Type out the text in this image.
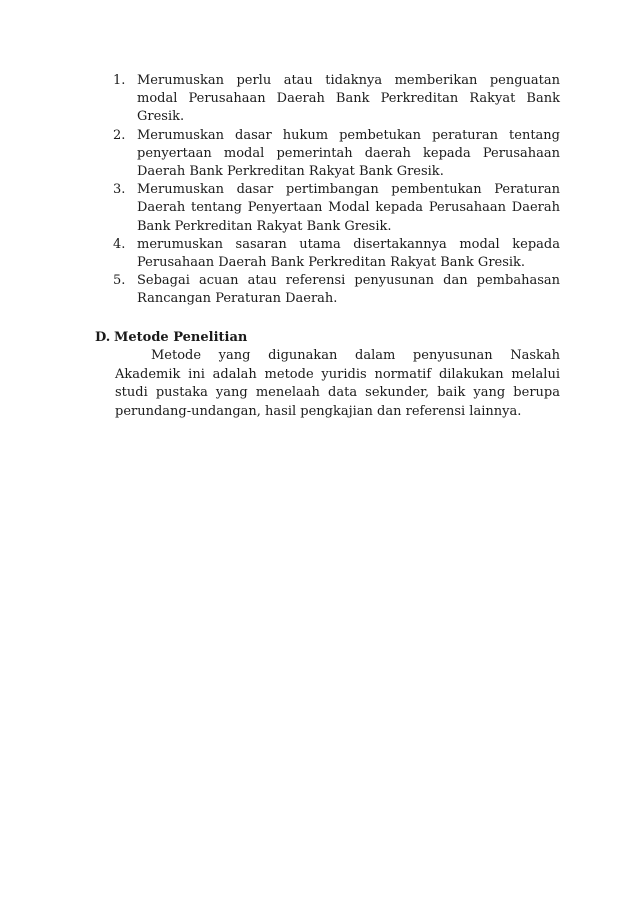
1. Merumuskan perlu atau tidaknya memberikan penguatan modal Perusahaan Daerah Bank Perkreditan Rakyat Bank Gresik.
2. Merumuskan dasar hukum pembetukan peraturan tentang penyertaan modal pemerintah daerah kepada Perusahaan Daerah Bank Perkreditan Rakyat Bank Gresik.
3. Merumuskan dasar pertimbangan pembentukan Peraturan Daerah tentang Penyertaan Modal kepada Perusahaan Daerah Bank Perkreditan Rakyat Bank Gresik.
4. merumuskan sasaran utama disertakannya modal kepada Perusahaan Daerah Bank Perkreditan Rakyat Bank Gresik.
5. Sebagai acuan atau referensi penyusunan dan pembahasan Rancangan Peraturan Daerah.
D. Metode Penelitian

Metode yang digunakan dalam penyusunan Naskah Akademik ini adalah metode yuridis normatif dilakukan melalui studi pustaka yang menelaah data sekunder, baik yang berupa perundang-undangan, hasil pengkajian dan referensi lainnya.
